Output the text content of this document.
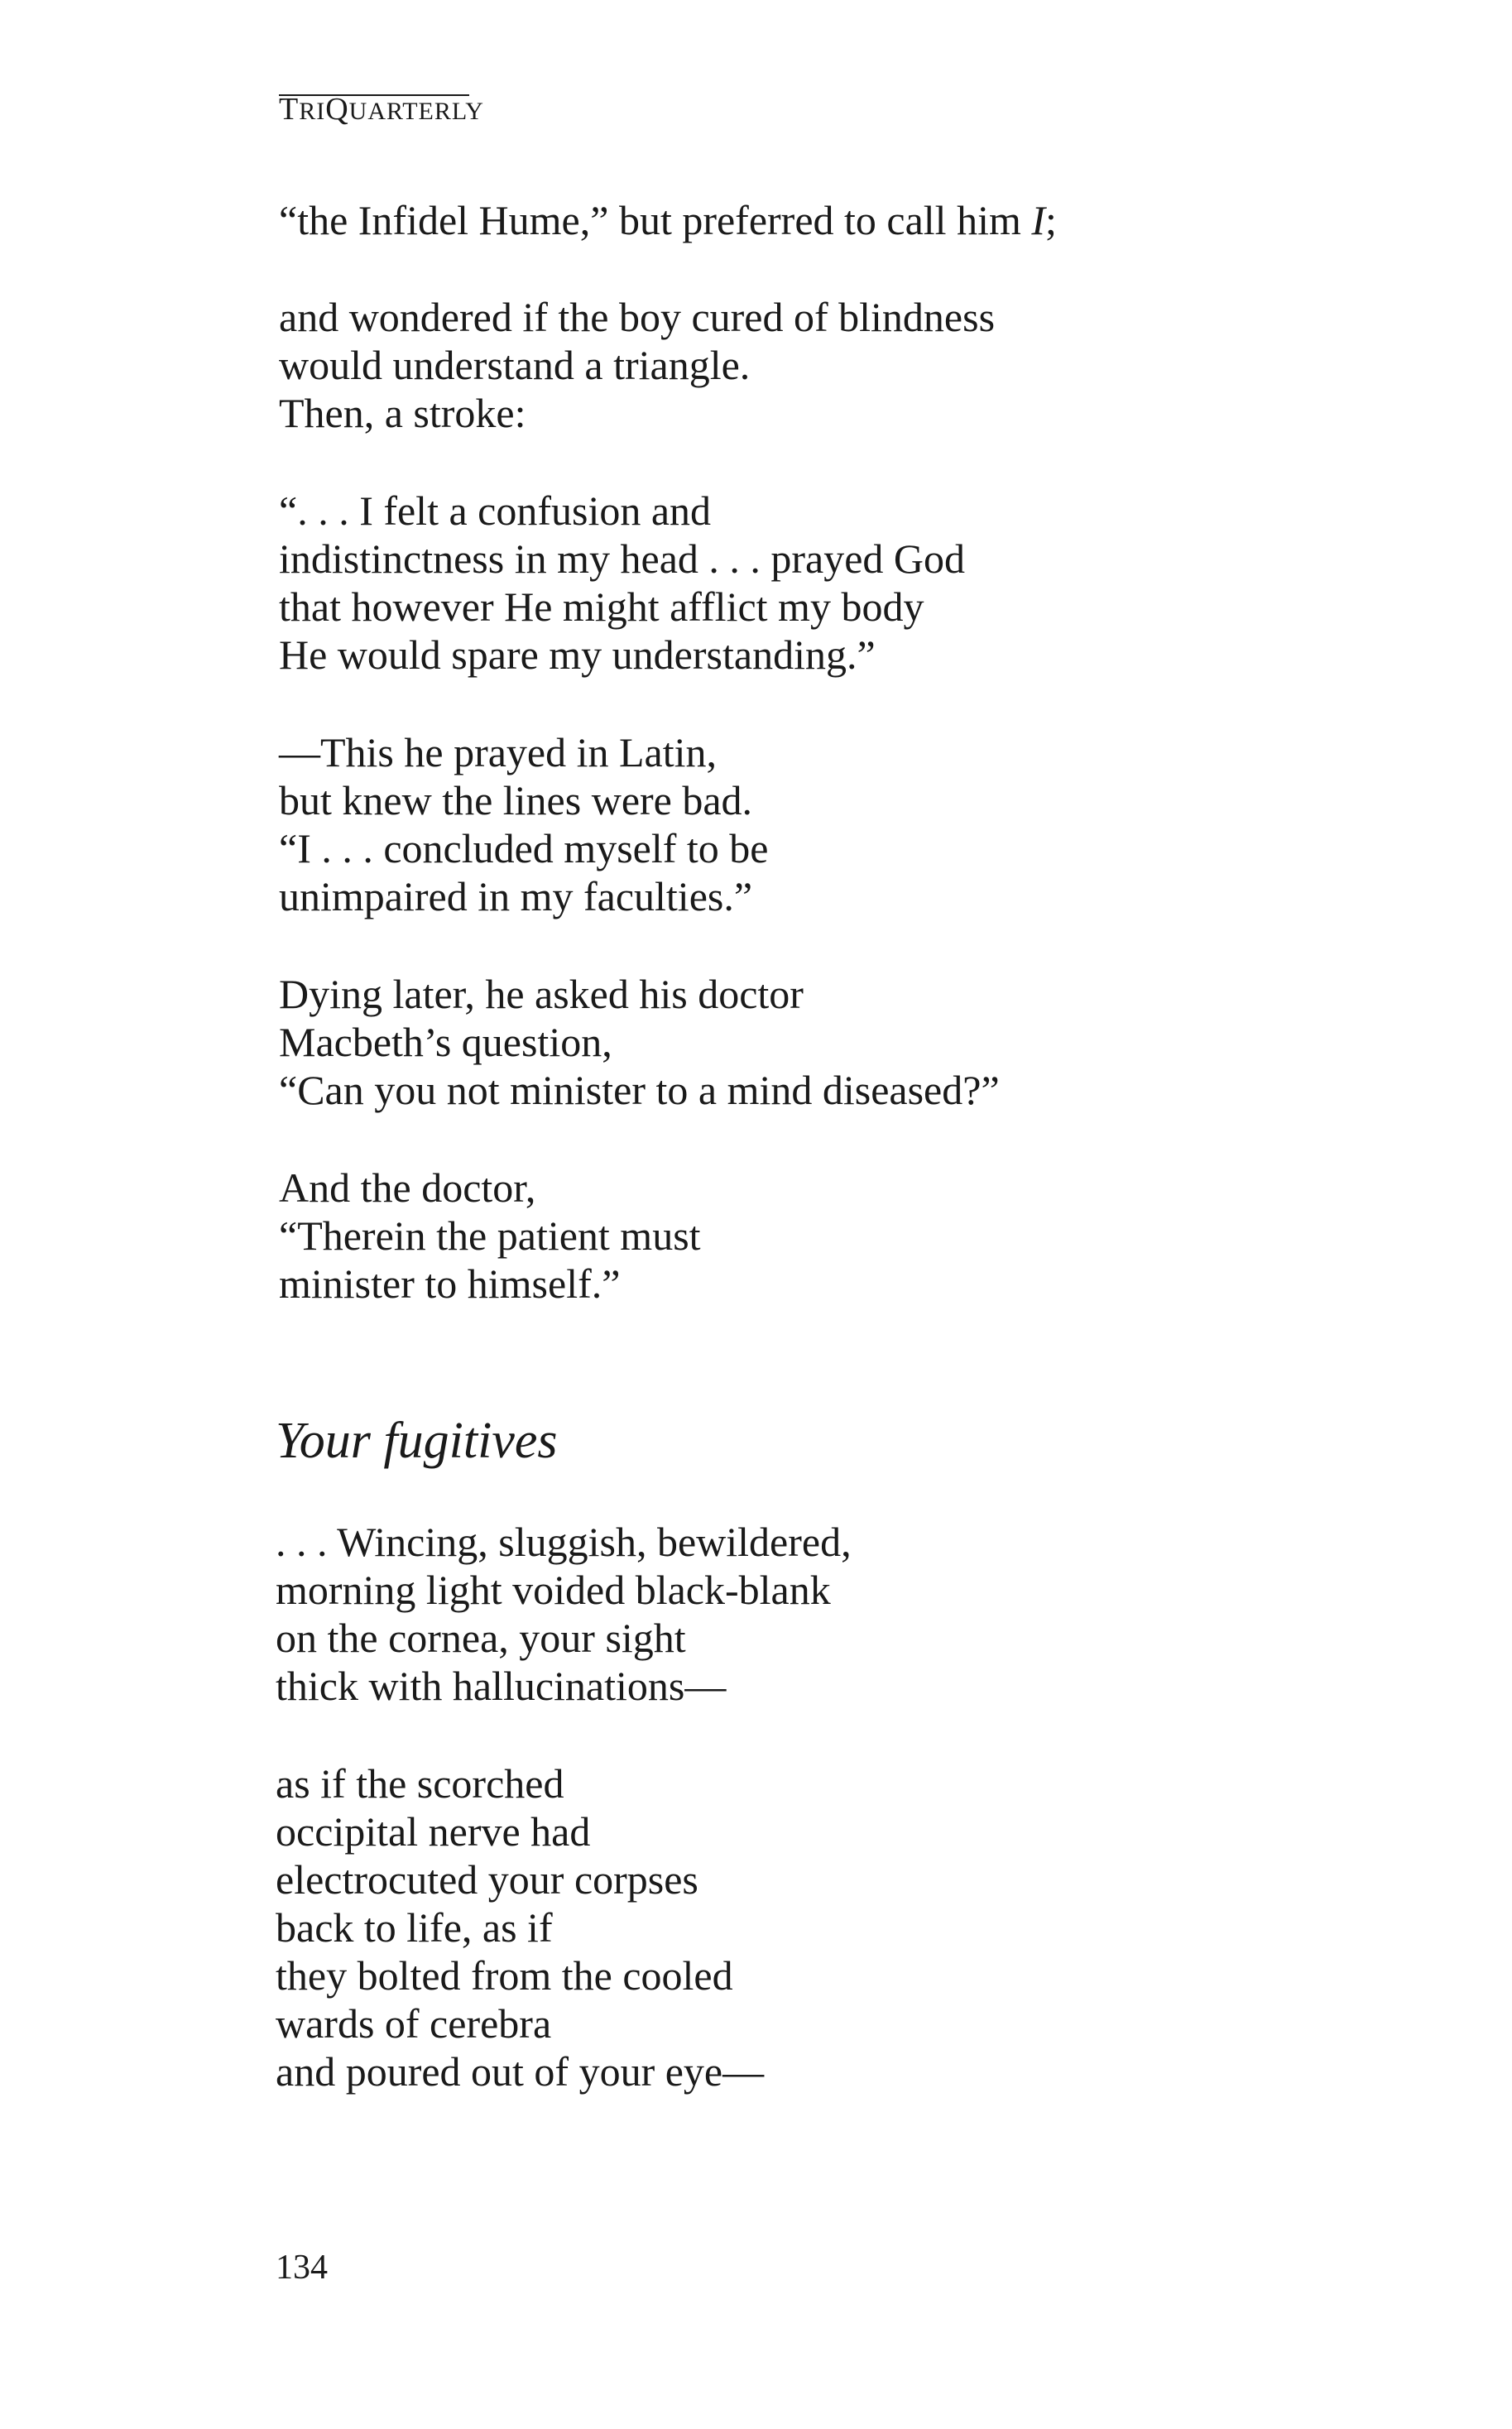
TRIQUARTERLY
“the Infidel Hume,” but preferred to call him I;
and wondered if the boy cured of blindness
would understand a triangle.
Then, a stroke:
“. . . I felt a confusion and
indistinctness in my head . . . prayed God
that however He might afflict my body
He would spare my understanding.”
—This he prayed in Latin,
but knew the lines were bad.
“I . . . concluded myself to be
unimpaired in my faculties.”
Dying later, he asked his doctor
Macbeth’s question,
“Can you not minister to a mind diseased?”
And the doctor,
“Therein the patient must
minister to himself.”
Your fugitives
. . . Wincing, sluggish, bewildered,
morning light voided black-blank
on the cornea, your sight
thick with hallucinations—
as if the scorched
occipital nerve had
electrocuted your corpses
back to life, as if
they bolted from the cooled
wards of cerebra
and poured out of your eye—
134
